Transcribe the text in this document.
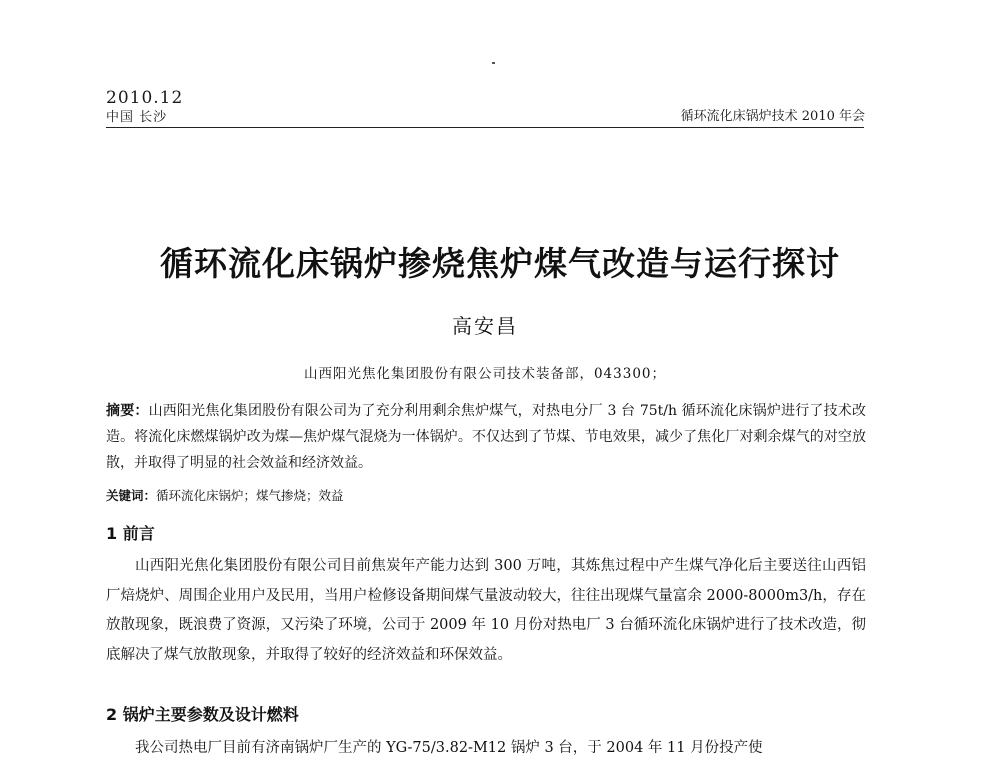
2010.12
中国 长沙	循环流化床锅炉技术 2010 年会
循环流化床锅炉掺烧焦炉煤气改造与运行探讨
高安昌
山西阳光焦化集团股份有限公司技术装备部，043300；
摘要：山西阳光焦化集团股份有限公司为了充分利用剩余焦炉煤气，对热电分厂 3 台 75t/h 循环流化床锅炉进行了技术改造。将流化床燃煤锅炉改为煤—焦炉煤气混烧为一体锅炉。不仅达到了节煤、节电效果，减少了焦化厂对剩余煤气的对空放散，并取得了明显的社会效益和经济效益。
关键词：循环流化床锅炉；煤气掺烧；效益
1 前言
山西阳光焦化集团股份有限公司目前焦炭年产能力达到 300 万吨，其炼焦过程中产生煤气净化后主要送往山西铝厂焙烧炉、周围企业用户及民用，当用户检修设备期间煤气量波动较大，往往出现煤气量富余 2000-8000m3/h，存在放散现象，既浪费了资源，又污染了环境，公司于 2009 年 10 月份对热电厂 3 台循环流化床锅炉进行了技术改造，彻底解决了煤气放散现象，并取得了较好的经济效益和环保效益。
2 锅炉主要参数及设计燃料
我公司热电厂目前有济南锅炉厂生产的 YG-75/3.82-M12 锅炉 3 台，于 2004 年 11 月份投产使
